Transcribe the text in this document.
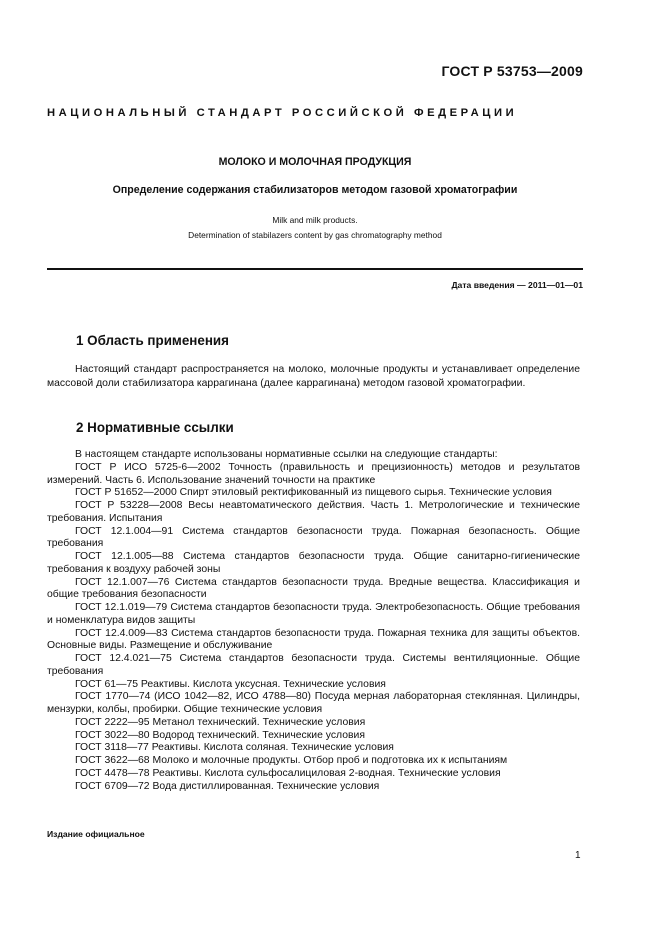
ГОСТ Р 53753—2009
НАЦИОНАЛЬНЫЙ СТАНДАРТ РОССИЙСКОЙ ФЕДЕРАЦИИ
МОЛОКО И МОЛОЧНАЯ ПРОДУКЦИЯ
Определение содержания стабилизаторов методом газовой хроматографии
Milk and milk products.
Determination of stabilazers content by gas chromatography method
Дата введения — 2011—01—01
1 Область применения
Настоящий стандарт распространяется на молоко, молочные продукты и устанавливает определение массовой доли стабилизатора каррагинана (далее каррагинана) методом газовой хроматографии.
2 Нормативные ссылки

В настоящем стандарте использованы нормативные ссылки на следующие стандарты:

ГОСТ Р ИСО 5725-6—2002 Точность (правильность и прецизионность) методов и результатов измерений. Часть 6. Использование значений точности на практике

ГОСТ Р 51652—2000 Спирт этиловый ректификованный из пищевого сырья. Технические условия

ГОСТ Р 53228—2008 Весы неавтоматического действия. Часть 1. Метрологические и технические требования. Испытания

ГОСТ 12.1.004—91 Система стандартов безопасности труда. Пожарная безопасность. Общие требования

ГОСТ 12.1.005—88 Система стандартов безопасности труда. Общие санитарно-гигиенические требования к воздуху рабочей зоны

ГОСТ 12.1.007—76 Система стандартов безопасности труда. Вредные вещества. Классификация и общие требования безопасности

ГОСТ 12.1.019—79 Система стандартов безопасности труда. Электробезопасность. Общие требования и номенклатура видов защиты

ГОСТ 12.4.009—83 Система стандартов безопасности труда. Пожарная техника для защиты объектов. Основные виды. Размещение и обслуживание

ГОСТ 12.4.021—75 Система стандартов безопасности труда. Системы вентиляционные. Общие требования

ГОСТ 61—75 Реактивы. Кислота уксусная. Технические условия

ГОСТ 1770—74 (ИСО 1042—82, ИСО 4788—80) Посуда мерная лабораторная стеклянная. Цилиндры, мензурки, колбы, пробирки. Общие технические условия

ГОСТ 2222—95 Метанол технический. Технические условия

ГОСТ 3022—80 Водород технический. Технические условия

ГОСТ 3118—77 Реактивы. Кислота соляная. Технические условия

ГОСТ 3622—68 Молоко и молочные продукты. Отбор проб и подготовка их к испытаниям

ГОСТ 4478—78 Реактивы. Кислота сульфосалициловая 2-водная. Технические условия

ГОСТ 6709—72 Вода дистиллированная. Технические условия

Издание официальное
1
